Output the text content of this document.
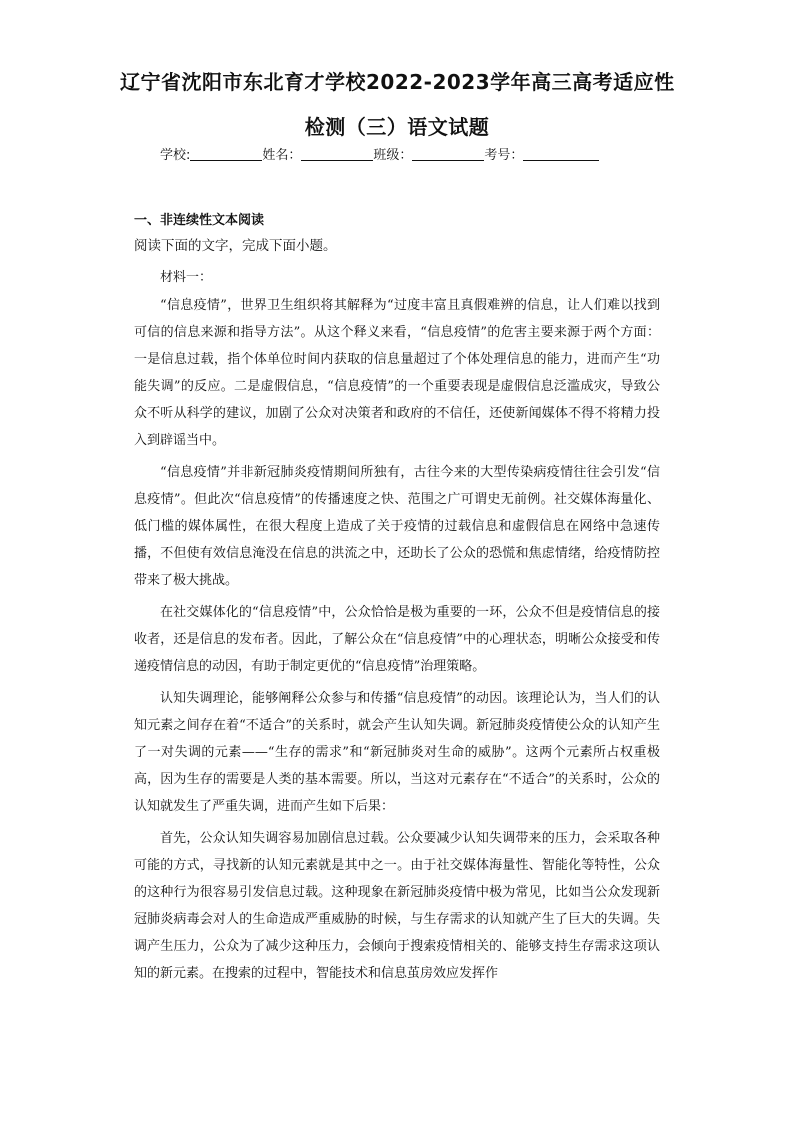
辽宁省沈阳市东北育才学校2022-2023学年高三高考适应性
检测（三）语文试题
学校:	姓名：	班级：	考号：
一、非连续性文本阅读
阅读下面的文字，完成下面小题。
材料一：

“信息疫情”，世界卫生组织将其解释为“过度丰富且真假难辨的信息，让人们难以找到可信的信息来源和指导方法”。从这个释义来看，“信息疫情”的危害主要来源于两个方面：一是信息过载，指个体单位时间内获取的信息量超过了个体处理信息的能力，进而产生“功能失调”的反应。二是虚假信息，“信息疫情”的一个重要表现是虚假信息泛滥成灾，导致公众不听从科学的建议，加剧了公众对决策者和政府的不信任，还使新闻媒体不得不将精力投入到辟谣当中。

“信息疫情”并非新冠肺炎疫情期间所独有，古往今来的大型传染病疫情往往会引发“信息疫情”。但此次“信息疫情”的传播速度之快、范围之广可谓史无前例。社交媒体海量化、低门槛的媒体属性，在很大程度上造成了关于疫情的过载信息和虚假信息在网络中急速传播，不但使有效信息淹没在信息的洪流之中，还助长了公众的恐慌和焦虑情绪，给疫情防控带来了极大挑战。

在社交媒体化的“信息疫情”中，公众恰恰是极为重要的一环，公众不但是疫情信息的接收者，还是信息的发布者。因此，了解公众在“信息疫情”中的心理状态，明晰公众接受和传递疫情信息的动因，有助于制定更优的“信息疫情”治理策略。

认知失调理论，能够阐释公众参与和传播“信息疫情”的动因。该理论认为，当人们的认知元素之间存在着“不适合”的关系时，就会产生认知失调。新冠肺炎疫情使公众的认知产生了一对失调的元素——“生存的需求”和“新冠肺炎对生命的威胁”。这两个元素所占权重极高，因为生存的需要是人类的基本需要。所以，当这对元素存在“不适合”的关系时，公众的认知就发生了严重失调，进而产生如下后果：

首先，公众认知失调容易加剧信息过载。公众要减少认知失调带来的压力，会采取各种可能的方式，寻找新的认知元素就是其中之一。由于社交媒体海量性、智能化等特性，公众的这种行为很容易引发信息过载。这种现象在新冠肺炎疫情中极为常见，比如当公众发现新冠肺炎病毒会对人的生命造成严重威胁的时候，与生存需求的认知就产生了巨大的失调。失调产生压力，公众为了减少这种压力，会倾向于搜索疫情相关的、能够支持生存需求这项认知的新元素。在搜索的过程中，智能技术和信息茧房效应发挥作
